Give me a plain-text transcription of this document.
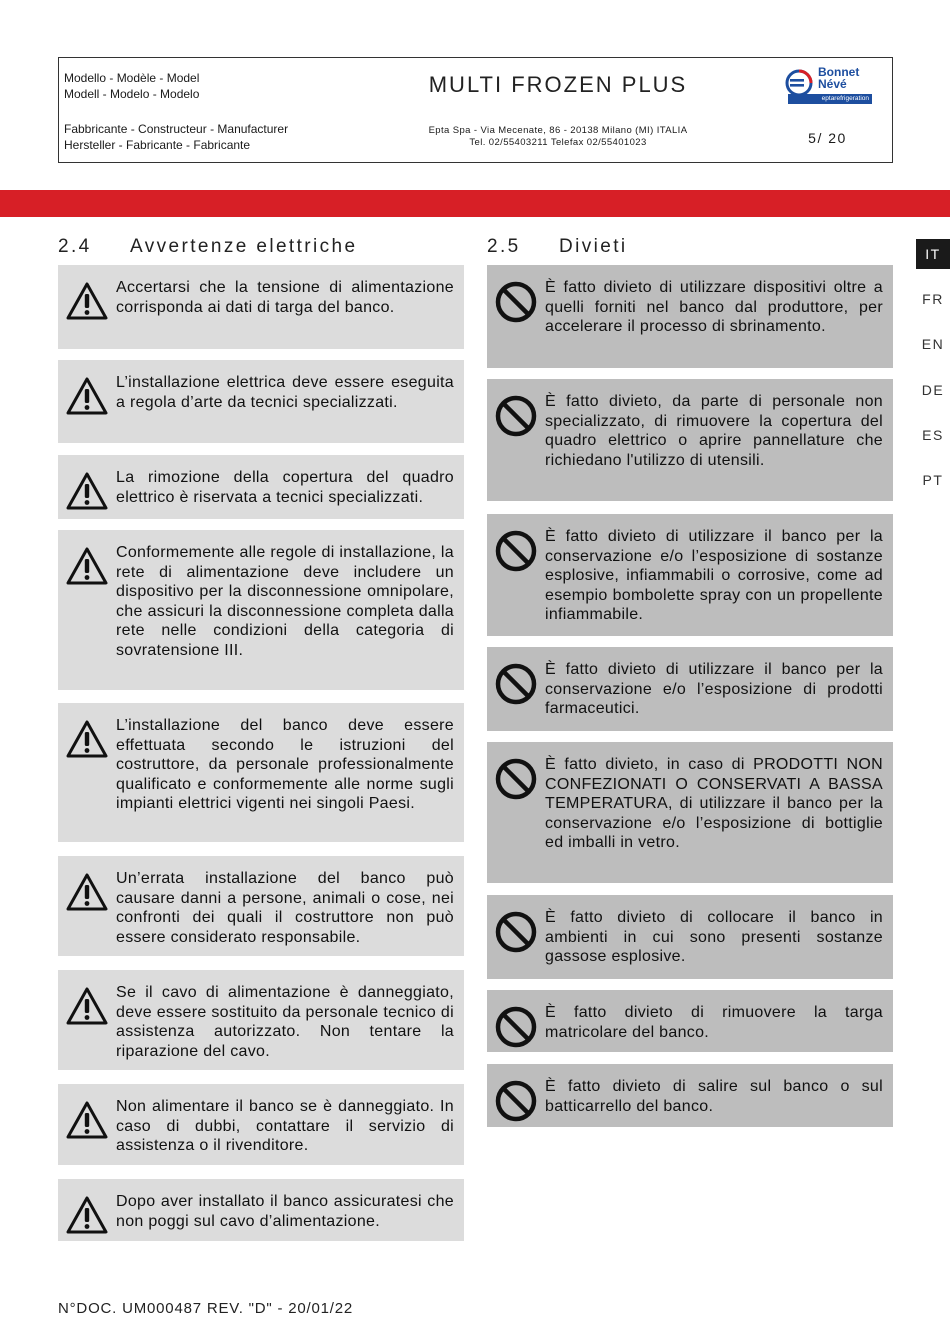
Modello - Modèle - Model
Modell - Modelo - Modelo	MULTI FROZEN PLUS	Bonnet
Névé
eptarefrigeration
Fabbricante - Constructeur - Manufacturer
Hersteller - Fabricante - Fabricante
Epta Spa - Via Mecenate, 86 - 20138 Milano (MI) ITALIA
Tel. 02/55403211 Telefax 02/55401023	5/ 20
IT
FR
EN
DE
ES
PT
2.4 Avvertenze elettriche	2.5 Divieti
Accertarsi che la tensione di alimentazione corrisponda ai dati di targa del banco.
L’installazione elettrica deve essere eseguita a regola d’arte da tecnici specializzati.
La rimozione della copertura del quadro elettrico è riservata a tecnici specializzati.
Conformemente alle regole di installazione, la rete di alimentazione deve includere un dispositivo per la disconnessione omnipolare, che assicuri la disconnessione completa dalla rete nelle condizioni della categoria di sovratensione III.
L’installazione del banco deve essere effettuata secondo le istruzioni del costruttore, da personale professionalmente qualificato e conformemente alle norme sugli impianti elettrici vigenti nei singoli Paesi.
Un’errata installazione del banco può causare danni a persone, animali o cose, nei confronti dei quali il costruttore non può essere considerato responsabile.
Se il cavo di alimentazione è danneggiato, deve essere sostituito da personale tecnico di assistenza autorizzato. Non tentare la riparazione del cavo.
Non alimentare il banco se è danneggiato. In caso di dubbi, contattare il servizio di assistenza o il rivenditore.
Dopo aver installato il banco assicuratesi che non poggi sul cavo d’alimentazione.
È fatto divieto di utilizzare dispositivi oltre a quelli forniti nel banco dal produttore, per accelerare il processo di sbrinamento.
È fatto divieto, da parte di personale non specializzato, di rimuovere la copertura del quadro elettrico o aprire pannellature che richiedano l'utilizzo di utensili.
È fatto divieto di utilizzare il banco per la conservazione e/o l’esposizione di sostanze esplosive, infiammabili o corrosive, come ad esempio bombolette spray con un propellente infiammabile.
È fatto divieto di utilizzare il banco per la conservazione e/o l’esposizione di prodotti farmaceutici.
È fatto divieto, in caso di PRODOTTI NON CONFEZIONATI O CONSERVATI A BASSA TEMPERATURA, di utilizzare il banco per la conservazione e/o l’esposizione di bottiglie ed imballi in vetro.
È fatto divieto di collocare il banco in ambienti in cui sono presenti sostanze gassose esplosive.
È fatto divieto di rimuovere la targa matricolare del banco.
È fatto divieto di salire sul banco o sul batticarrello del banco.
N°DOC. UM000487 REV. "D" - 20/01/22
